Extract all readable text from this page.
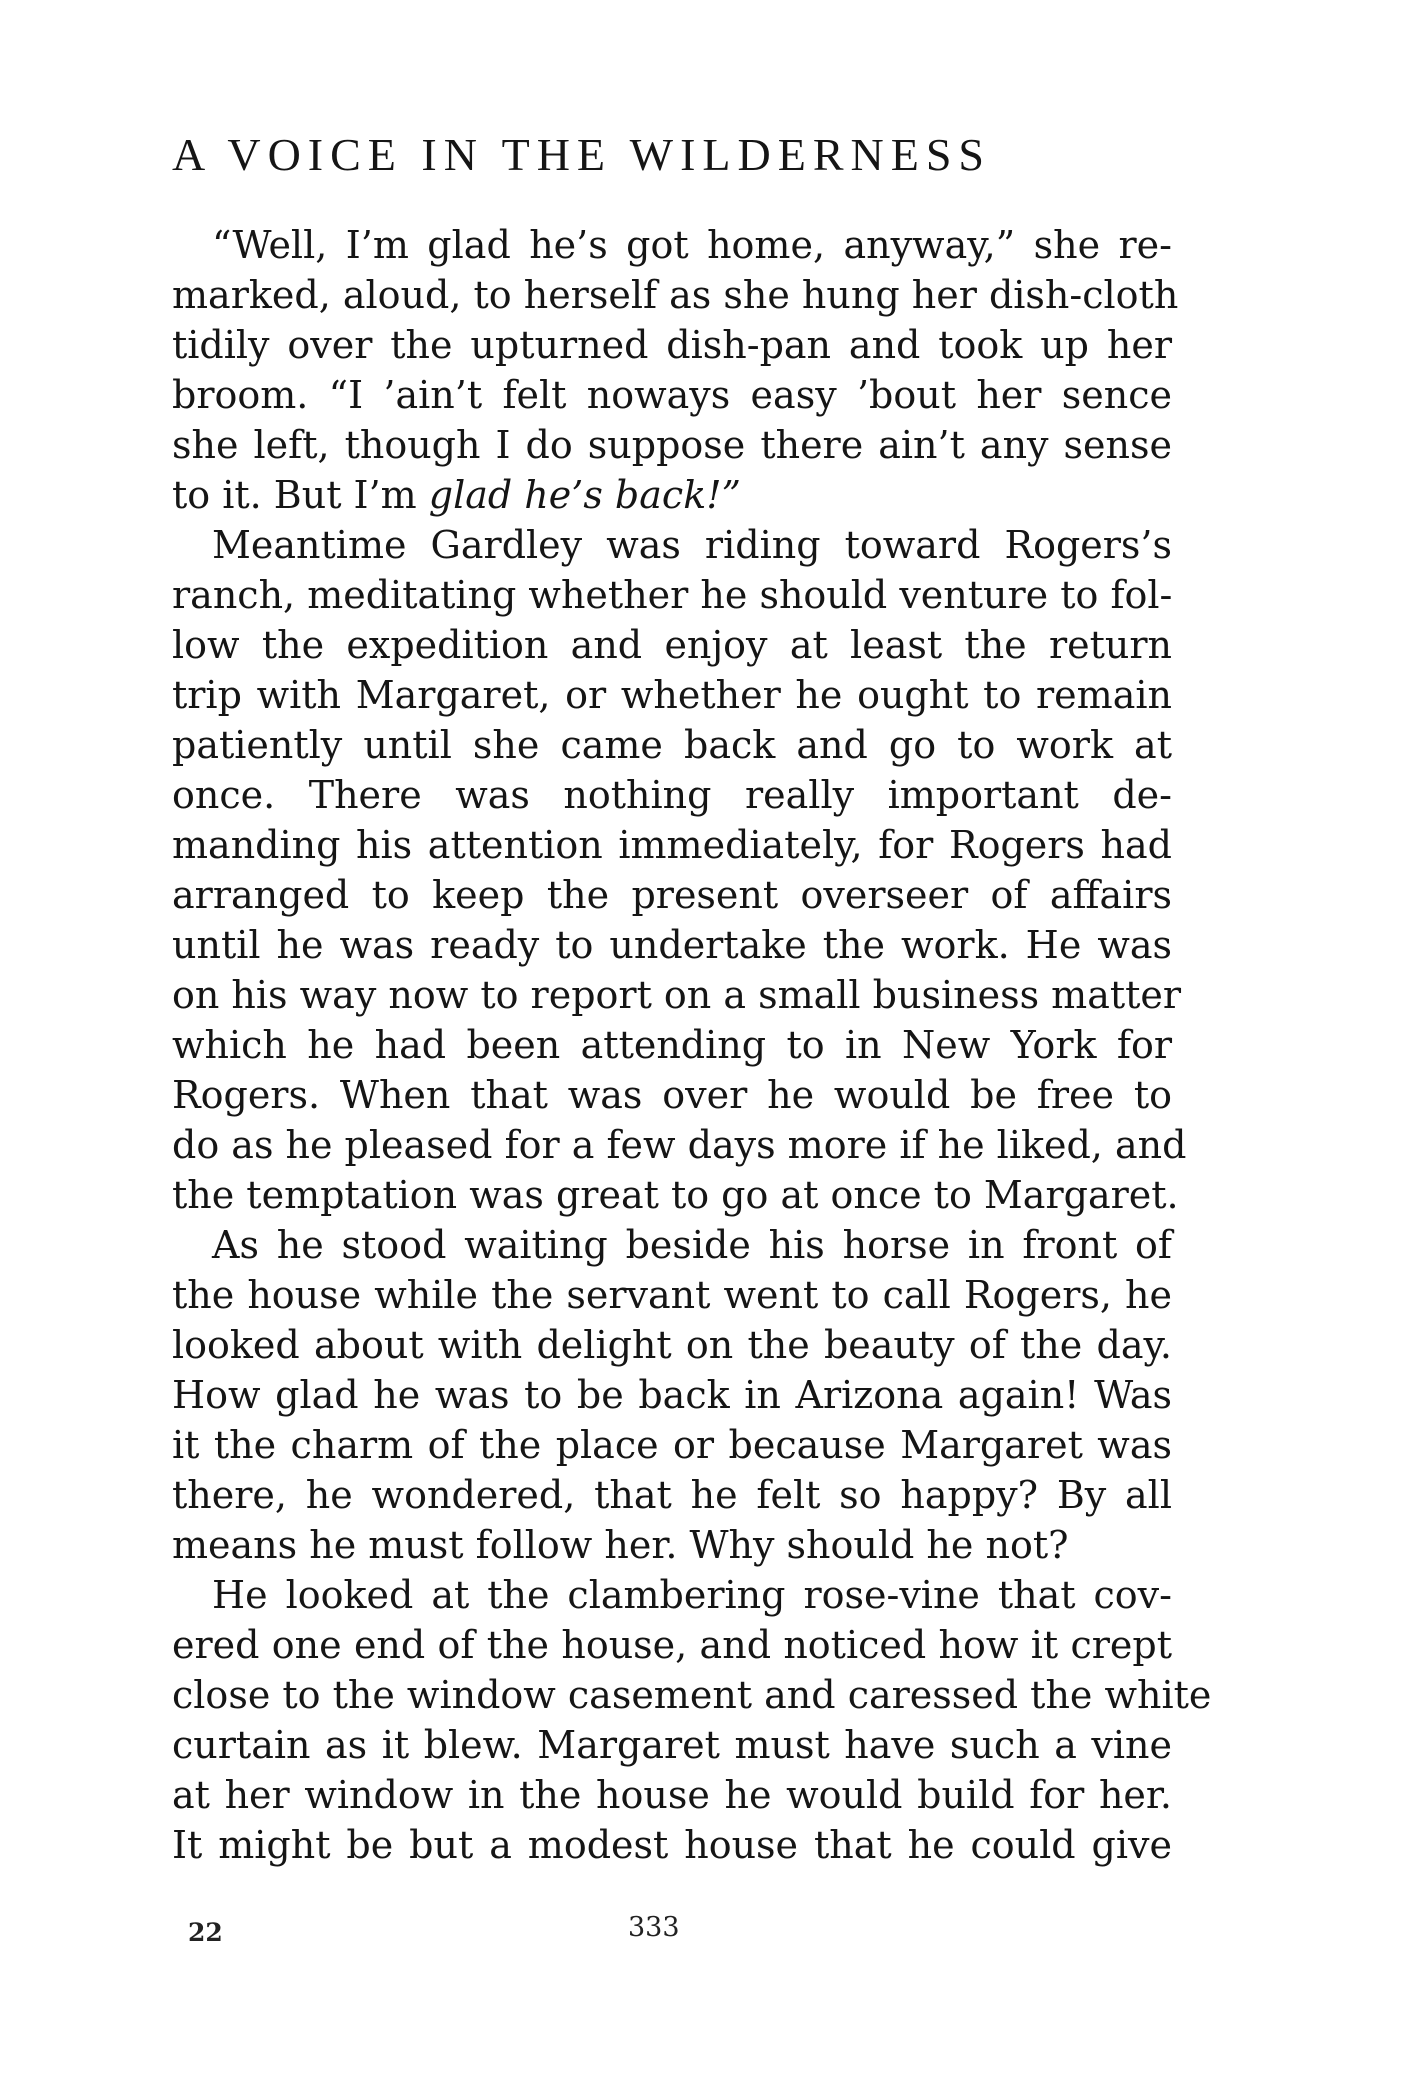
A VOICE IN THE WILDERNESS
“Well, I’m glad he’s got home, anyway,” she re-
marked, aloud, to herself as she hung her dish-cloth
tidily over the upturned dish-pan and took up her
broom. “I ’ain’t felt noways easy ’bout her sence
she left, though I do suppose there ain’t any sense
to it. But I’m glad he’s back!”
Meantime Gardley was riding toward Rogers’s
ranch, meditating whether he should venture to fol-
low the expedition and enjoy at least the return
trip with Margaret, or whether he ought to remain
patiently until she came back and go to work at
once. There was nothing really important de-
manding his attention immediately, for Rogers had
arranged to keep the present overseer of affairs
until he was ready to undertake the work. He was
on his way now to report on a small business matter
which he had been attending to in New York for
Rogers. When that was over he would be free to
do as he pleased for a few days more if he liked, and
the temptation was great to go at once to Margaret.
As he stood waiting beside his horse in front of
the house while the servant went to call Rogers, he
looked about with delight on the beauty of the day.
How glad he was to be back in Arizona again! Was
it the charm of the place or because Margaret was
there, he wondered, that he felt so happy? By all
means he must follow her. Why should he not?
He looked at the clambering rose-vine that cov-
ered one end of the house, and noticed how it crept
close to the window casement and caressed the white
curtain as it blew. Margaret must have such a vine
at her window in the house he would build for her.
It might be but a modest house that he could give
22	333
